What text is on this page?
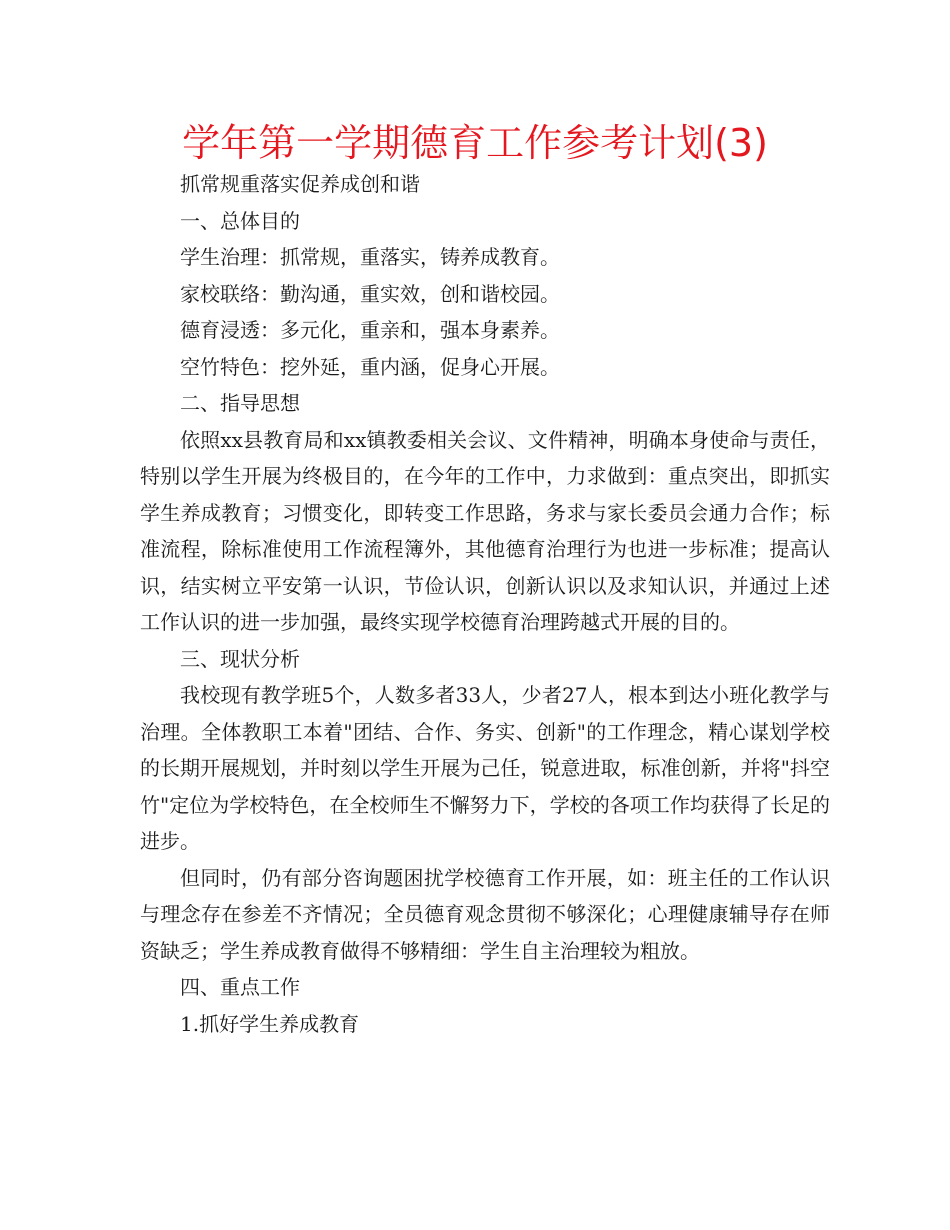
学年第一学期德育工作参考计划(3)

抓常规重落实促养成创和谐

一、总体目的

学生治理：抓常规，重落实，铸养成教育。

家校联络：勤沟通，重实效，创和谐校园。

德育浸透：多元化，重亲和，强本身素养。

空竹特色：挖外延，重内涵，促身心开展。

二、指导思想

依照xx县教育局和xx镇教委相关会议、文件精神，明确本身使命与责任，特别以学生开展为终极目的，在今年的工作中，力求做到：重点突出，即抓实学生养成教育；习惯变化，即转变工作思路，务求与家长委员会通力合作；标准流程，除标准使用工作流程簿外，其他德育治理行为也进一步标准；提高认识，结实树立平安第一认识，节俭认识，创新认识以及求知认识，并通过上述工作认识的进一步加强，最终实现学校德育治理跨越式开展的目的。

三、现状分析

我校现有教学班5个，人数多者33人，少者27人，根本到达小班化教学与治理。全体教职工本着"团结、合作、务实、创新"的工作理念，精心谋划学校的长期开展规划，并时刻以学生开展为己任，锐意进取，标准创新，并将"抖空竹"定位为学校特色，在全校师生不懈努力下，学校的各项工作均获得了长足的进步。

但同时，仍有部分咨询题困扰学校德育工作开展，如：班主任的工作认识与理念存在参差不齐情况；全员德育观念贯彻不够深化；心理健康辅导存在师资缺乏；学生养成教育做得不够精细：学生自主治理较为粗放。

四、重点工作

1.抓好学生养成教育
